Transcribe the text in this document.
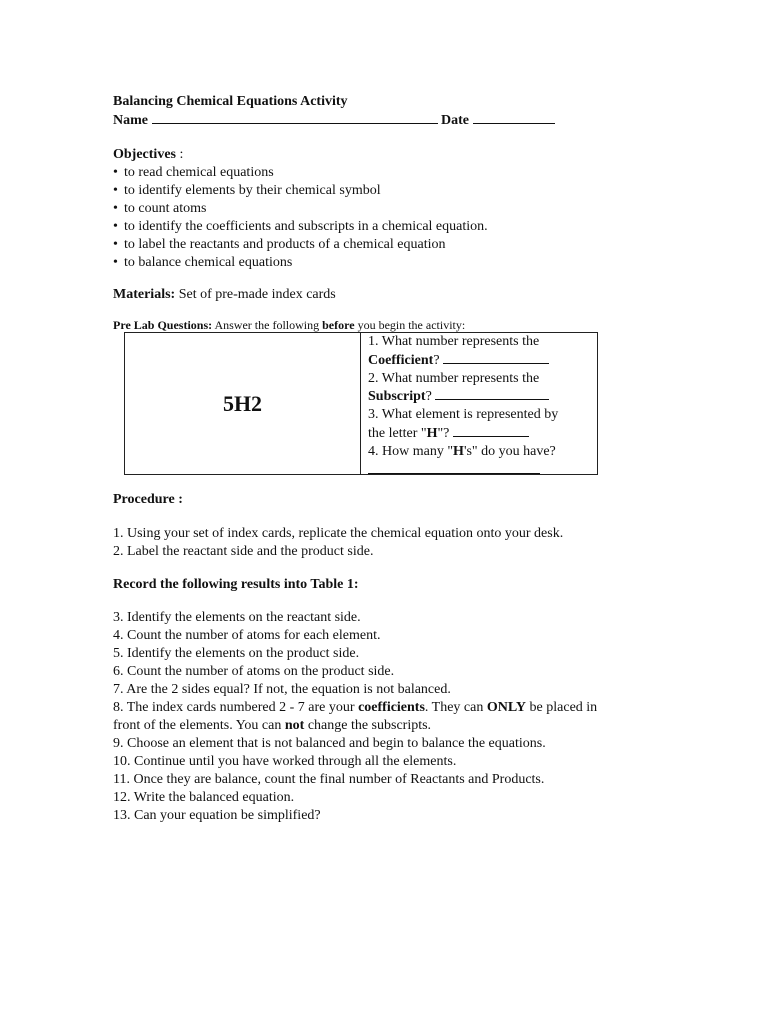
Balancing Chemical Equations Activity
Name	Date
Objectives :
• to read chemical equations
• to identify elements by their chemical symbol
• to count atoms
• to identify the coefficients and subscripts in a chemical equation.
• to label the reactants and products of a chemical equation
• to balance chemical equations
Materials: Set of pre-made index cards
Pre Lab Questions: Answer the following before you begin the activity:
5H2
1. What number represents the
Coefficient?
2. What number represents the
Subscript?
3. What element is represented by
the letter "H"?
4. How many "H's" do you have?
Procedure :
1. Using your set of index cards, replicate the chemical equation onto your desk.
2. Label the reactant side and the product side.
Record the following results into Table 1:
3. Identify the elements on the reactant side.
4. Count the number of atoms for each element.
5. Identify the elements on the product side.
6. Count the number of atoms on the product side.
7. Are the 2 sides equal? If not, the equation is not balanced.
8. The index cards numbered 2 - 7 are your coefficients. They can ONLY be placed in
front of the elements. You can not change the subscripts.
9. Choose an element that is not balanced and begin to balance the equations.
10. Continue until you have worked through all the elements.
11. Once they are balance, count the final number of Reactants and Products.
12. Write the balanced equation.
13. Can your equation be simplified?
